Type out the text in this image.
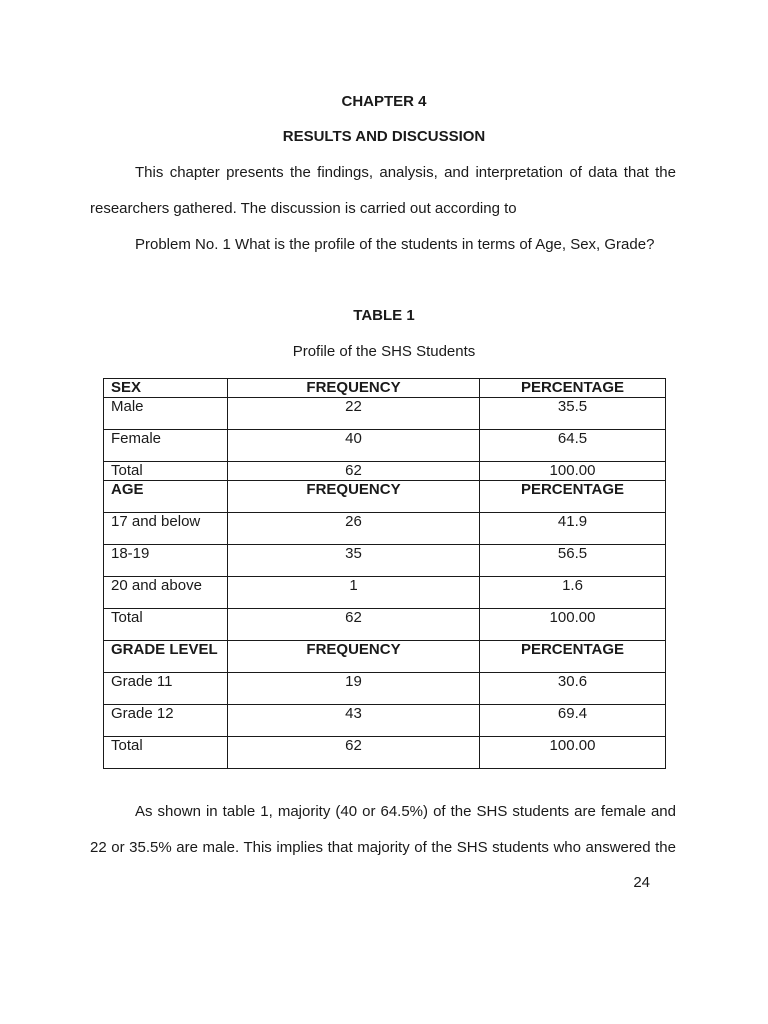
CHAPTER 4
RESULTS AND DISCUSSION
This chapter presents the findings, analysis, and interpretation of data that the
researchers gathered. The discussion is carried out according to
Problem No. 1 What is the profile of the students in terms of Age, Sex, Grade?
TABLE 1
Profile of the SHS Students
SEX	FREQUENCY	PERCENTAGE
Male	22	35.5
Female	40	64.5
Total	62	100.00
AGE	FREQUENCY	PERCENTAGE
17 and below	26	41.9
18-19	35	56.5
20 and above	1	1.6
Total	62	100.00
GRADE LEVEL	FREQUENCY	PERCENTAGE
Grade 11	19	30.6
Grade 12	43	69.4
Total	62	100.00
As shown in table 1, majority (40 or 64.5%) of the SHS students are female and
22 or 35.5% are male. This implies that majority of the SHS students who answered the
24
